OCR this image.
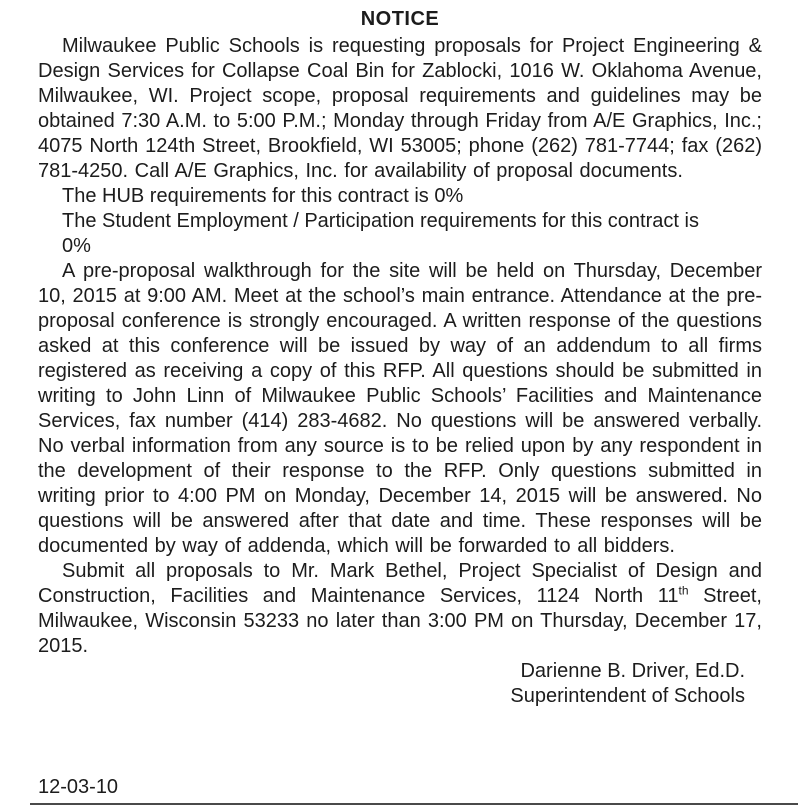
NOTICE

Milwaukee Public Schools is requesting proposals for Project Engineering & Design Services for Collapse Coal Bin for Zablocki, 1016 W. Oklahoma Avenue, Milwaukee, WI. Project scope, proposal requirements and guidelines may be obtained 7:30 A.M. to 5:00 P.M.; Monday through Friday from A/E Graphics, Inc.; 4075 North 124th Street, Brookfield, WI 53005; phone (262) 781-7744; fax (262) 781-4250. Call A/E Graphics, Inc. for availability of proposal documents.

The HUB requirements for this contract is 0%
The Student Employment / Participation requirements for this contract is
0%

A pre-proposal walkthrough for the site will be held on Thursday, December 10, 2015 at 9:00 AM. Meet at the school’s main entrance. Attendance at the pre-proposal conference is strongly encouraged. A written response of the questions asked at this conference will be issued by way of an addendum to all firms registered as receiving a copy of this RFP. All questions should be submitted in writing to John Linn of Milwaukee Public Schools’ Facilities and Maintenance Services, fax number (414) 283-4682. No questions will be answered verbally. No verbal information from any source is to be relied upon by any respondent in the development of their response to the RFP. Only questions submitted in writing prior to 4:00 PM on Monday, December 14, 2015 will be answered. No questions will be answered after that date and time. These responses will be documented by way of addenda, which will be forwarded to all bidders.

Submit all proposals to Mr. Mark Bethel, Project Specialist of Design and Construction, Facilities and Maintenance Services, 1124 North 11th Street, Milwaukee, Wisconsin 53233 no later than 3:00 PM on Thursday, December 17, 2015.

Darienne B. Driver, Ed.D.
Superintendent of Schools
12-03-10
